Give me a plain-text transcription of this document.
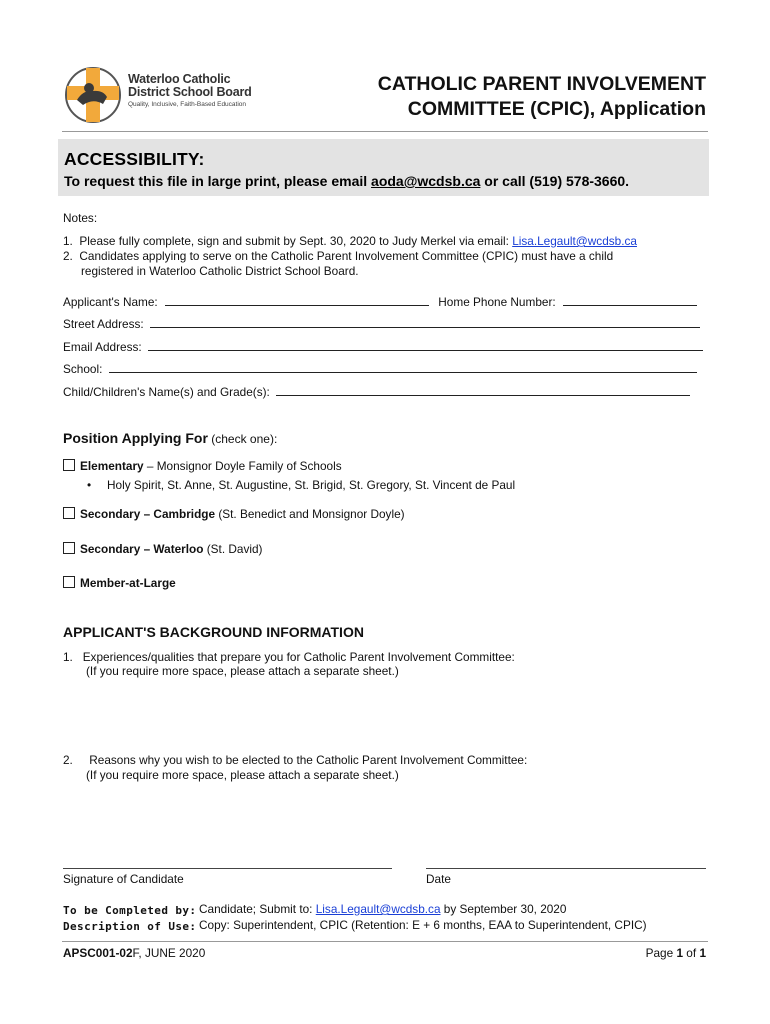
Waterloo Catholic
District School Board
Quality, Inclusive, Faith-Based Education
CATHOLIC PARENT INVOLVEMENT
COMMITTEE (CPIC), Application
ACCESSIBILITY:
To request this file in large print, please email aoda@wcdsb.ca or call (519) 578-3660.
Notes:
1. Please fully complete, sign and submit by Sept. 30, 2020 to Judy Merkel via email: Lisa.Legault@wcdsb.ca
2. Candidates applying to serve on the Catholic Parent Involvement Committee (CPIC) must have a child
registered in Waterloo Catholic District School Board.
Applicant's Name:	Home Phone Number:
Street Address:
Email Address:
School:
Child/Children's Name(s) and Grade(s):
Position Applying For (check one):
Elementary – Monsignor Doyle Family of Schools
• Holy Spirit, St. Anne, St. Augustine, St. Brigid, St. Gregory, St. Vincent de Paul
Secondary – Cambridge (St. Benedict and Monsignor Doyle)
Secondary – Waterloo (St. David)
Member-at-Large
APPLICANT'S BACKGROUND INFORMATION
1. Experiences/qualities that prepare you for Catholic Parent Involvement Committee:
(If you require more space, please attach a separate sheet.)
2. Reasons why you wish to be elected to the Catholic Parent Involvement Committee:
(If you require more space, please attach a separate sheet.)
Signature of Candidate	Date
To be Completed by: Candidate; Submit to: Lisa.Legault@wcdsb.ca by September 30, 2020
Description of Use: Copy: Superintendent, CPIC (Retention: E + 6 months, EAA to Superintendent, CPIC)
APSC001-02F, JUNE 2020	Page 1 of 1
